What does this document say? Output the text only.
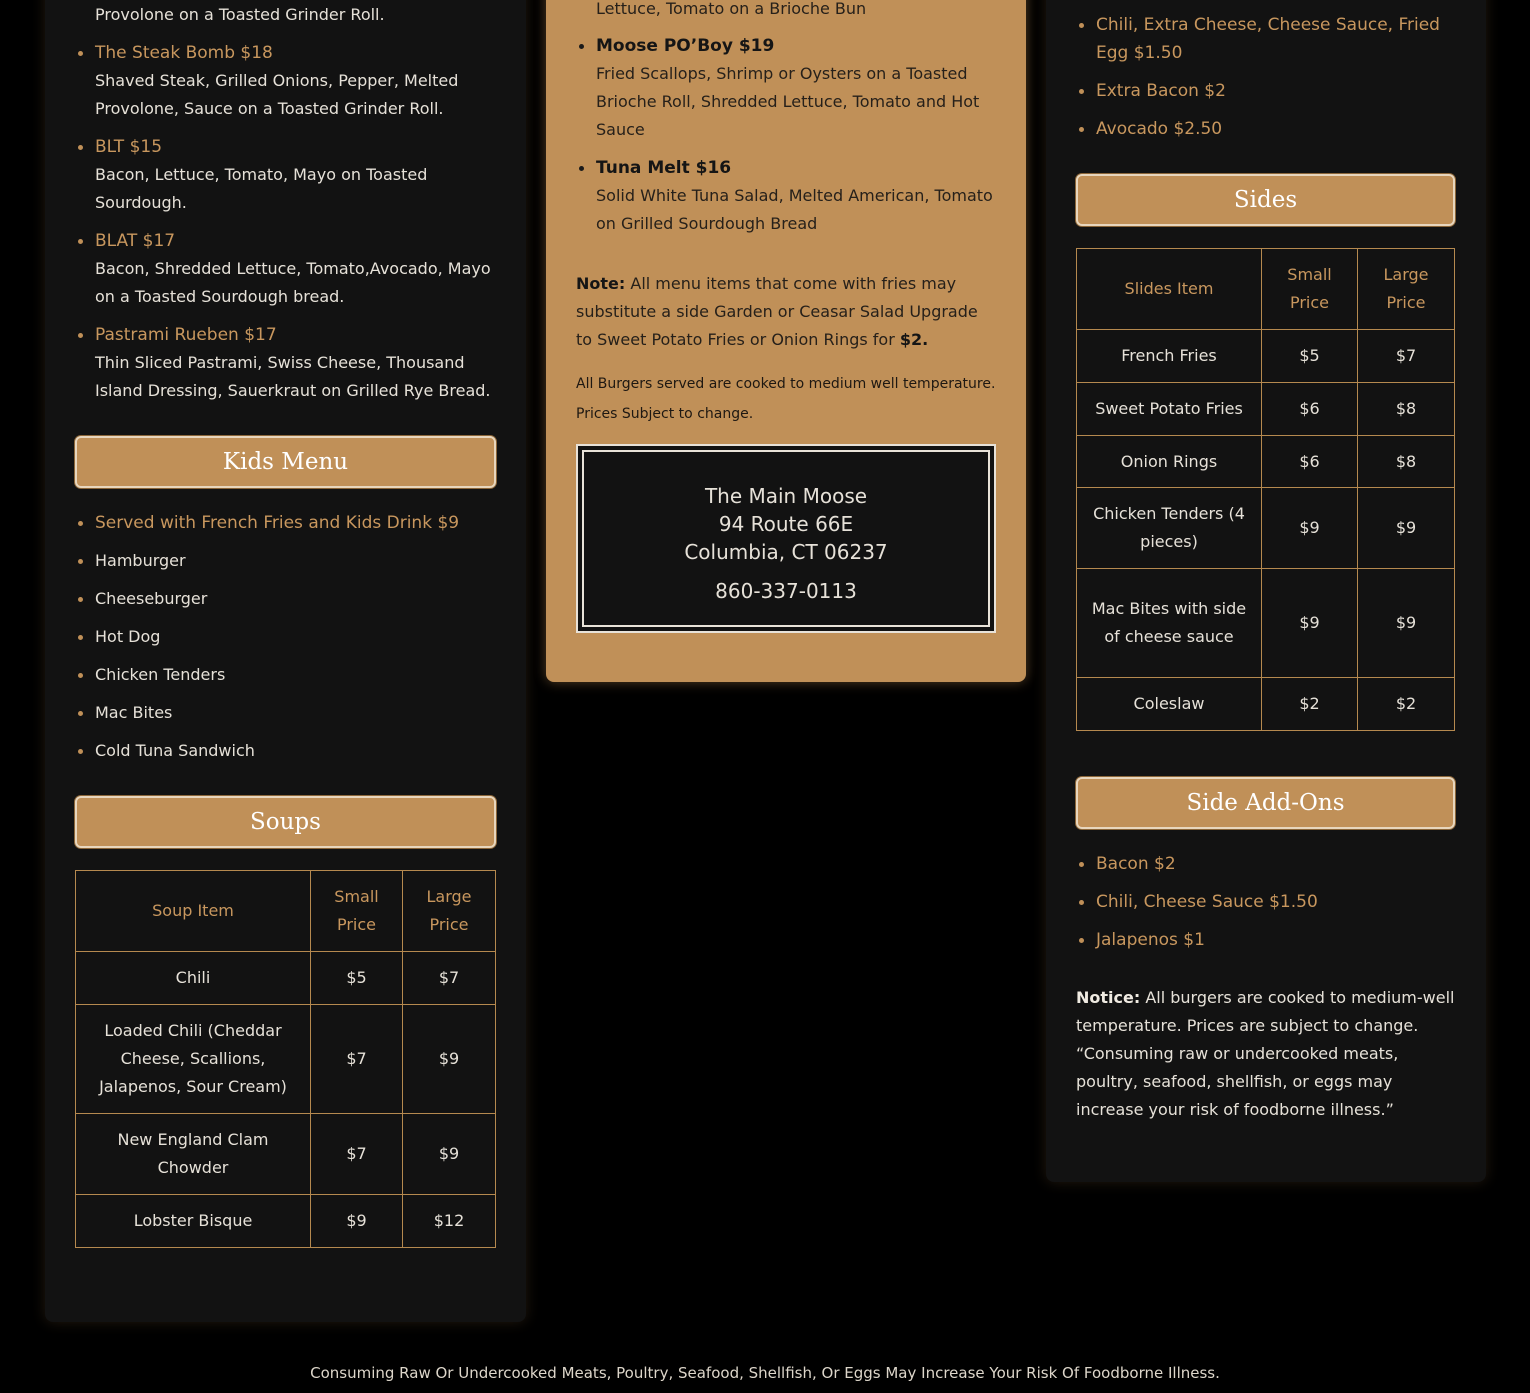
Provolone on a Toasted Grinder Roll.
The Steak Bomb $18
Shaved Steak, Grilled Onions, Pepper, Melted Provolone, Sauce on a Toasted Grinder Roll.
BLT $15
Bacon, Lettuce, Tomato, Mayo on Toasted Sourdough.
BLAT $17
Bacon, Shredded Lettuce, Tomato,Avocado, Mayo on a Toasted Sourdough bread.
Pastrami Rueben $17
Thin Sliced Pastrami, Swiss Cheese, Thousand Island Dressing, Sauerkraut on Grilled Rye Bread.
Kids Menu
Served with French Fries and Kids Drink $9
Hamburger
Cheeseburger
Hot Dog
Chicken Tenders
Mac Bites
Cold Tuna Sandwich
Soups
Soup Item	Small Price	Large Price
Chili	$5	$7
Loaded Chili (Cheddar Cheese, Scallions, Jalapenos, Sour Cream)	$7	$9
New England Clam Chowder	$7	$9
Lobster Bisque	$9	$12
Lettuce, Tomato on a Brioche Bun
Moose PO’Boy $19
Fried Scallops, Shrimp or Oysters on a Toasted Brioche Roll, Shredded Lettuce, Tomato and Hot Sauce
Tuna Melt $16
Solid White Tuna Salad, Melted American, Tomato on Grilled Sourdough Bread
Note: All menu items that come with fries may substitute a side Garden or Ceasar Salad Upgrade to Sweet Potato Fries or Onion Rings for $2.
All Burgers served are cooked to medium well temperature. Prices Subject to change.
The Main Moose
94 Route 66E
Columbia, CT 06237
860-337-0113
Chili, Extra Cheese, Cheese Sauce, Fried Egg $1.50
Extra Bacon $2
Avocado $2.50
Sides
Slides Item	Small Price	Large Price
French Fries	$5	$7
Sweet Potato Fries	$6	$8
Onion Rings	$6	$8
Chicken Tenders (4 pieces)	$9	$9
Mac Bites with side of cheese sauce	$9	$9
Coleslaw	$2	$2
Side Add-Ons
Bacon $2
Chili, Cheese Sauce $1.50
Jalapenos $1
Notice: All burgers are cooked to medium-well temperature. Prices are subject to change. “Consuming raw or undercooked meats, poultry, seafood, shellfish, or eggs may increase your risk of foodborne illness.”
Consuming Raw Or Undercooked Meats, Poultry, Seafood, Shellfish, Or Eggs May Increase Your Risk Of Foodborne Illness.
